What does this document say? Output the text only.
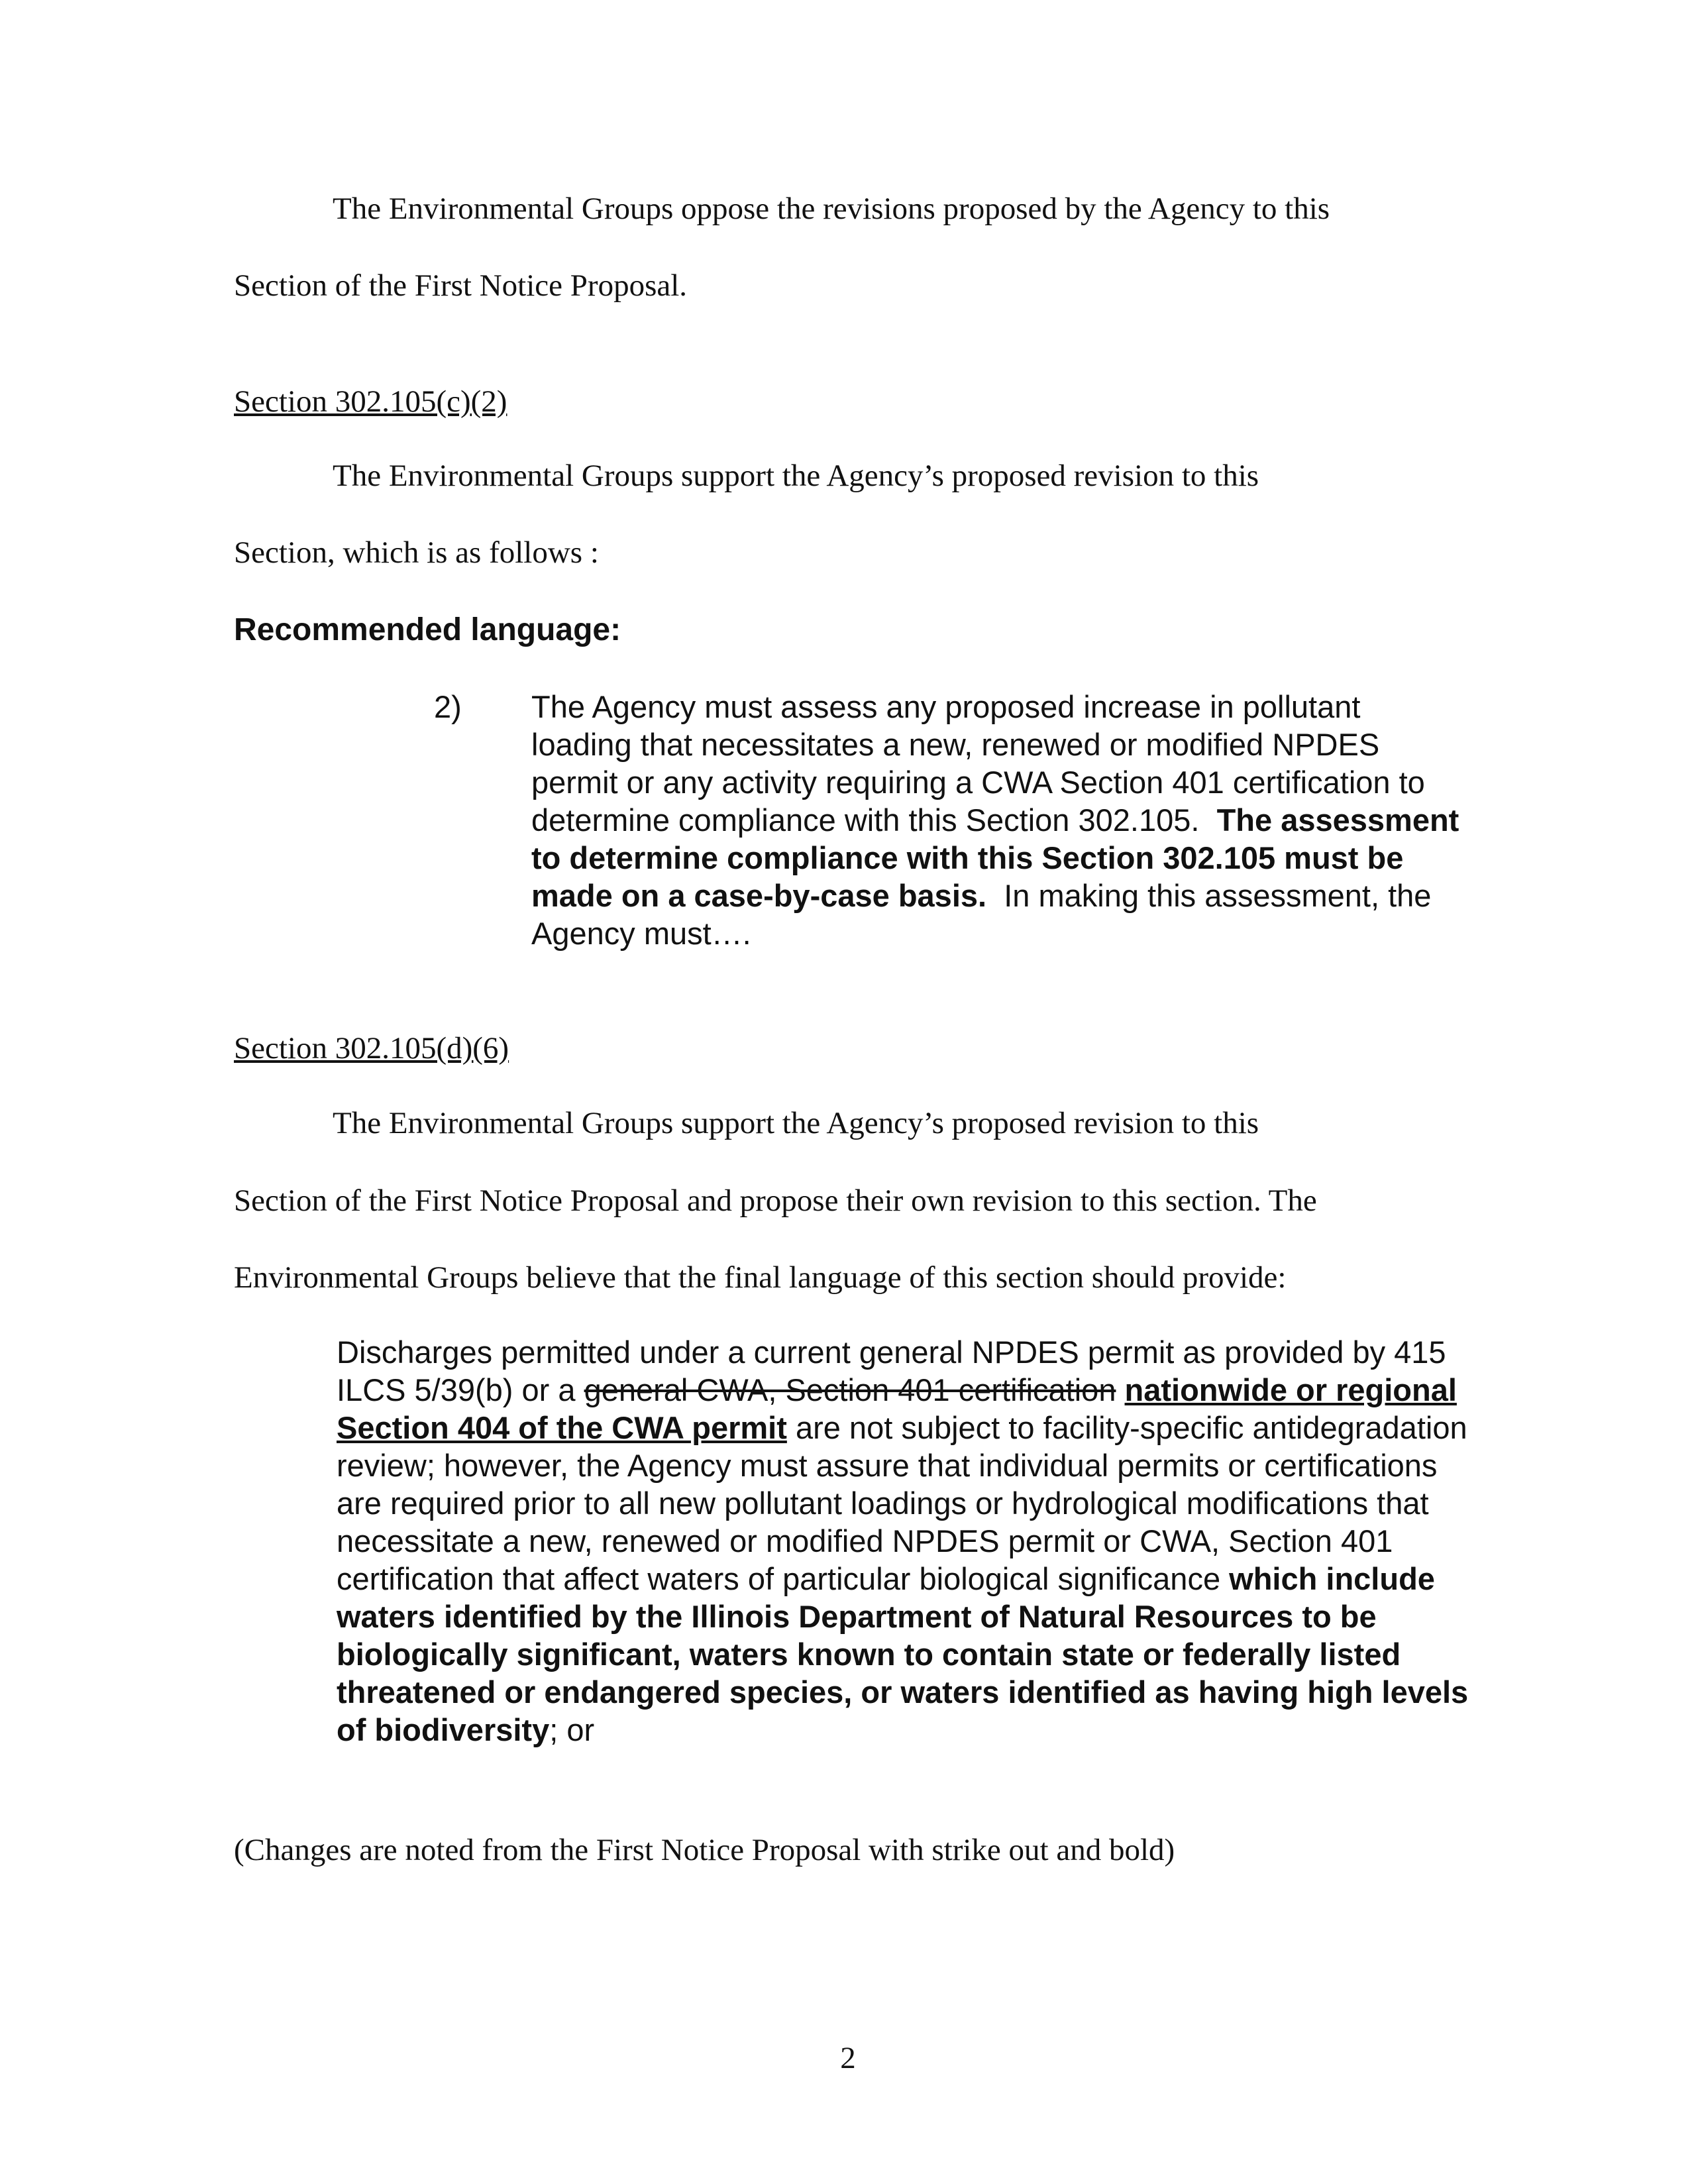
The Environmental Groups oppose the revisions proposed by the Agency to this
Section of the First Notice Proposal.
Section 302.105(c)(2)
The Environmental Groups support the Agency’s proposed revision to this
Section, which is as follows :
Recommended language:
2) The Agency must assess any proposed increase in pollutant loading that necessitates a new, renewed or modified NPDES permit or any activity requiring a CWA Section 401 certification to determine compliance with this Section 302.105. The assessment to determine compliance with this Section 302.105 must be made on a case-by-case basis. In making this assessment, the Agency must….
Section 302.105(d)(6)
The Environmental Groups support the Agency’s proposed revision to this
Section of the First Notice Proposal and propose their own revision to this section. The
Environmental Groups believe that the final language of this section should provide:
Discharges permitted under a current general NPDES permit as provided by 415 ILCS 5/39(b) or a general CWA, Section 401 certification nationwide or regional Section 404 of the CWA permit are not subject to facility-specific antidegradation review; however, the Agency must assure that individual permits or certifications are required prior to all new pollutant loadings or hydrological modifications that necessitate a new, renewed or modified NPDES permit or CWA, Section 401 certification that affect waters of particular biological significance which include waters identified by the Illinois Department of Natural Resources to be biologically significant, waters known to contain state or federally listed threatened or endangered species, or waters identified as having high levels of biodiversity; or
(Changes are noted from the First Notice Proposal with strike out and bold)
2
